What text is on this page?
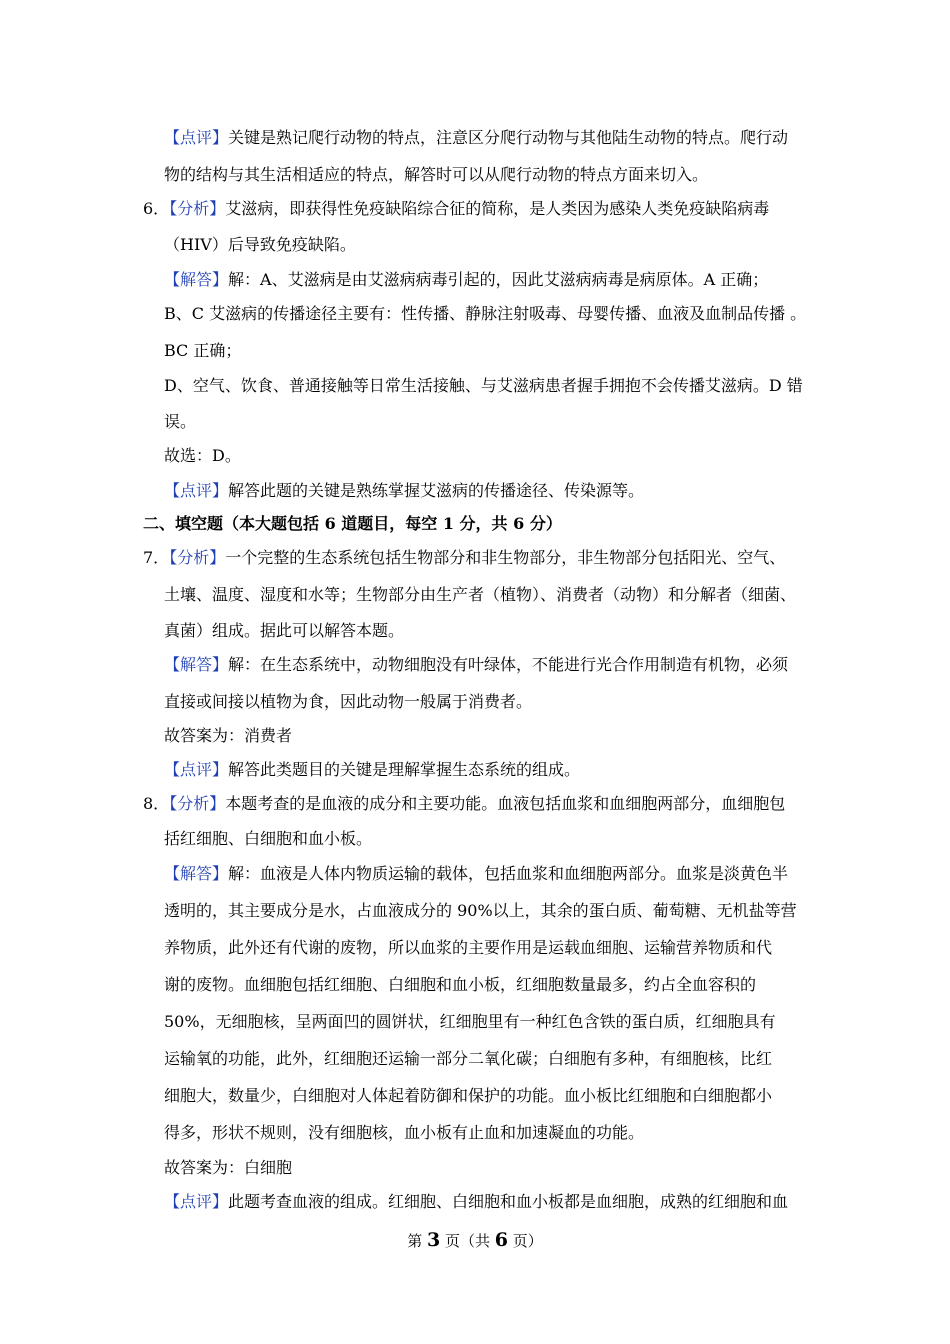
【点评】关键是熟记爬行动物的特点，注意区分爬行动物与其他陆生动物的特点。爬行动
物的结构与其生活相适应的特点，解答时可以从爬行动物的特点方面来切入。
6．【分析】艾滋病，即获得性免疫缺陷综合征的简称，是人类因为感染人类免疫缺陷病毒
（HIV）后导致免疫缺陷。
【解答】解：A、艾滋病是由艾滋病病毒引起的，因此艾滋病病毒是病原体。A 正确；
B、C 艾滋病的传播途径主要有：性传播、静脉注射吸毒、母婴传播、血液及血制品传播 。
BC 正确；
D、空气、饮食、普通接触等日常生活接触、与艾滋病患者握手拥抱不会传播艾滋病。D 错
误。
故选：D。
【点评】解答此题的关键是熟练掌握艾滋病的传播途径、传染源等。
二、填空题（本大题包括 6 道题目，每空 1 分，共 6 分）
7．【分析】一个完整的生态系统包括生物部分和非生物部分，非生物部分包括阳光、空气、
土壤、温度、湿度和水等；生物部分由生产者（植物）、消费者（动物）和分解者（细菌、
真菌）组成。据此可以解答本题。
【解答】解：在生态系统中，动物细胞没有叶绿体，不能进行光合作用制造有机物，必须
直接或间接以植物为食，因此动物一般属于消费者。
故答案为：消费者
【点评】解答此类题目的关键是理解掌握生态系统的组成。
8．【分析】本题考查的是血液的成分和主要功能。血液包括血浆和血细胞两部分，血细胞包
括红细胞、白细胞和血小板。
【解答】解：血液是人体内物质运输的载体，包括血浆和血细胞两部分。血浆是淡黄色半
透明的，其主要成分是水，占血液成分的 90%以上，其余的蛋白质、葡萄糖、无机盐等营
养物质，此外还有代谢的废物，所以血浆的主要作用是运载血细胞、运输营养物质和代
谢的废物。血细胞包括红细胞、白细胞和血小板，红细胞数量最多，约占全血容积的
50%，无细胞核，呈两面凹的圆饼状，红细胞里有一种红色含铁的蛋白质，红细胞具有
运输氧的功能，此外，红细胞还运输一部分二氧化碳；白细胞有多种，有细胞核，比红
细胞大，数量少，白细胞对人体起着防御和保护的功能。血小板比红细胞和白细胞都小
得多，形状不规则，没有细胞核，血小板有止血和加速凝血的功能。
故答案为：白细胞
【点评】此题考查血液的组成。红细胞、白细胞和血小板都是血细胞，成熟的红细胞和血
第 3 页（共 6 页）
